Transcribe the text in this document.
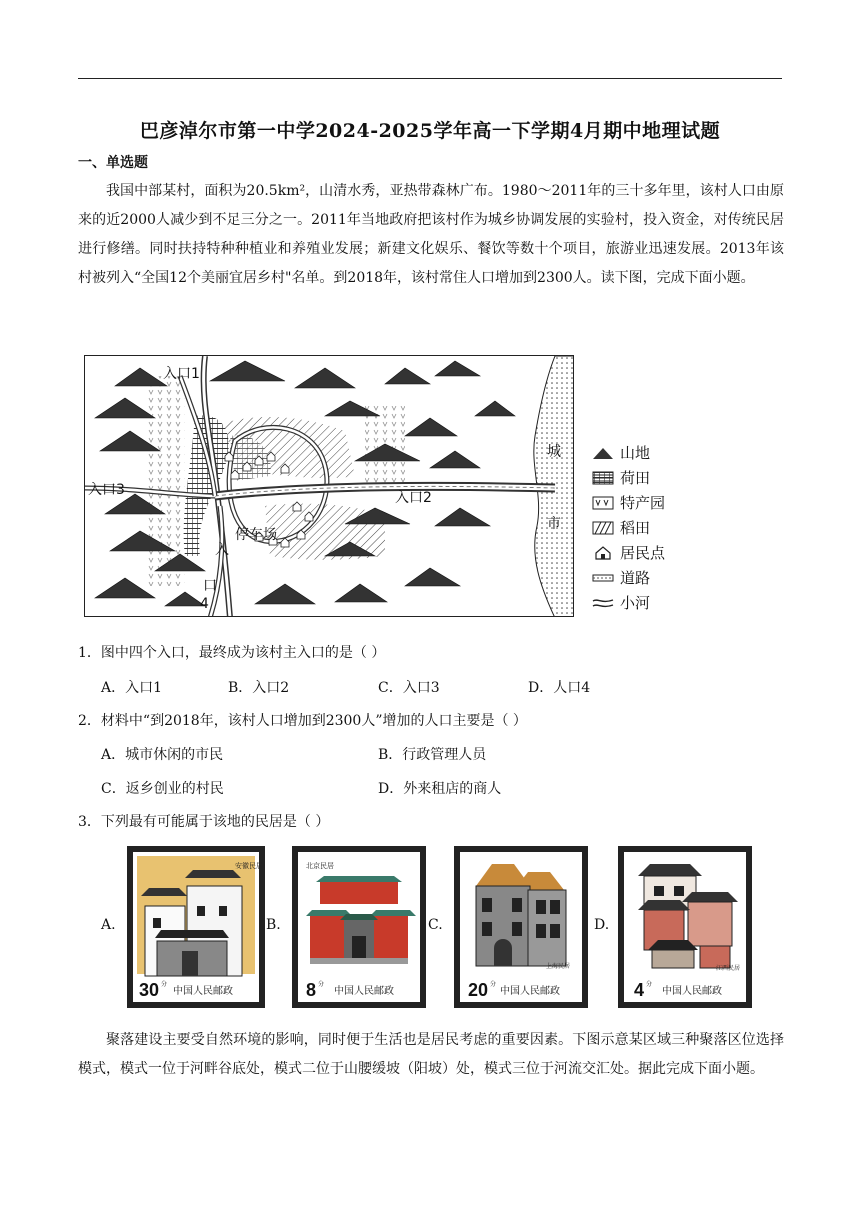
巴彦淖尔市第一中学2024-2025学年高一下学期4月期中地理试题
一、单选题
我国中部某村，面积为20.5km²，山清水秀，亚热带森林广布。1980～2011年的三十多年里，该村人口由原来的近2000人减少到不足三分之一。2011年当地政府把该村作为城乡协调发展的实验村，投入资金，对传统民居进行修缮。同时扶持特种种植业和养殖业发展；新建文化娱乐、餐饮等数十个项目，旅游业迅速发展。2013年该村被列入“全国12个美丽宜居乡村"名单。到2018年，该村常住人口增加到2300人。读下图，完成下面小题。
入口1
入口2
入口3
入
口
4
停车场
城
市
山地
荷田
特产园
稻田
居民点
道路
小河
1．图中四个入口，最终成为该村主入口的是（ ）
A．入口1	B．入口2	C．入口3	D．人口4
2．材料中“到2018年，该村人口增加到2300人”增加的人口主要是（ ）
A．城市休闲的市民	B．行政管理人员
C．返乡创业的村民	D．外来租店的商人
3．下列最有可能属于该地的民居是（ ）
A.	B.	C.	D.
安徽民居
30 分
中国人民邮政
北京民居
8 分
中国人民邮政
上海民居
20 分
中国人民邮政
江西民居
4 分
中国人民邮政
聚落建设主要受自然环境的影响，同时便于生活也是居民考虑的重要因素。下图示意某区域三种聚落区位选择模式，模式一位于河畔谷底处，模式二位于山腰缓坡（阳坡）处，模式三位于河流交汇处。据此完成下面小题。
